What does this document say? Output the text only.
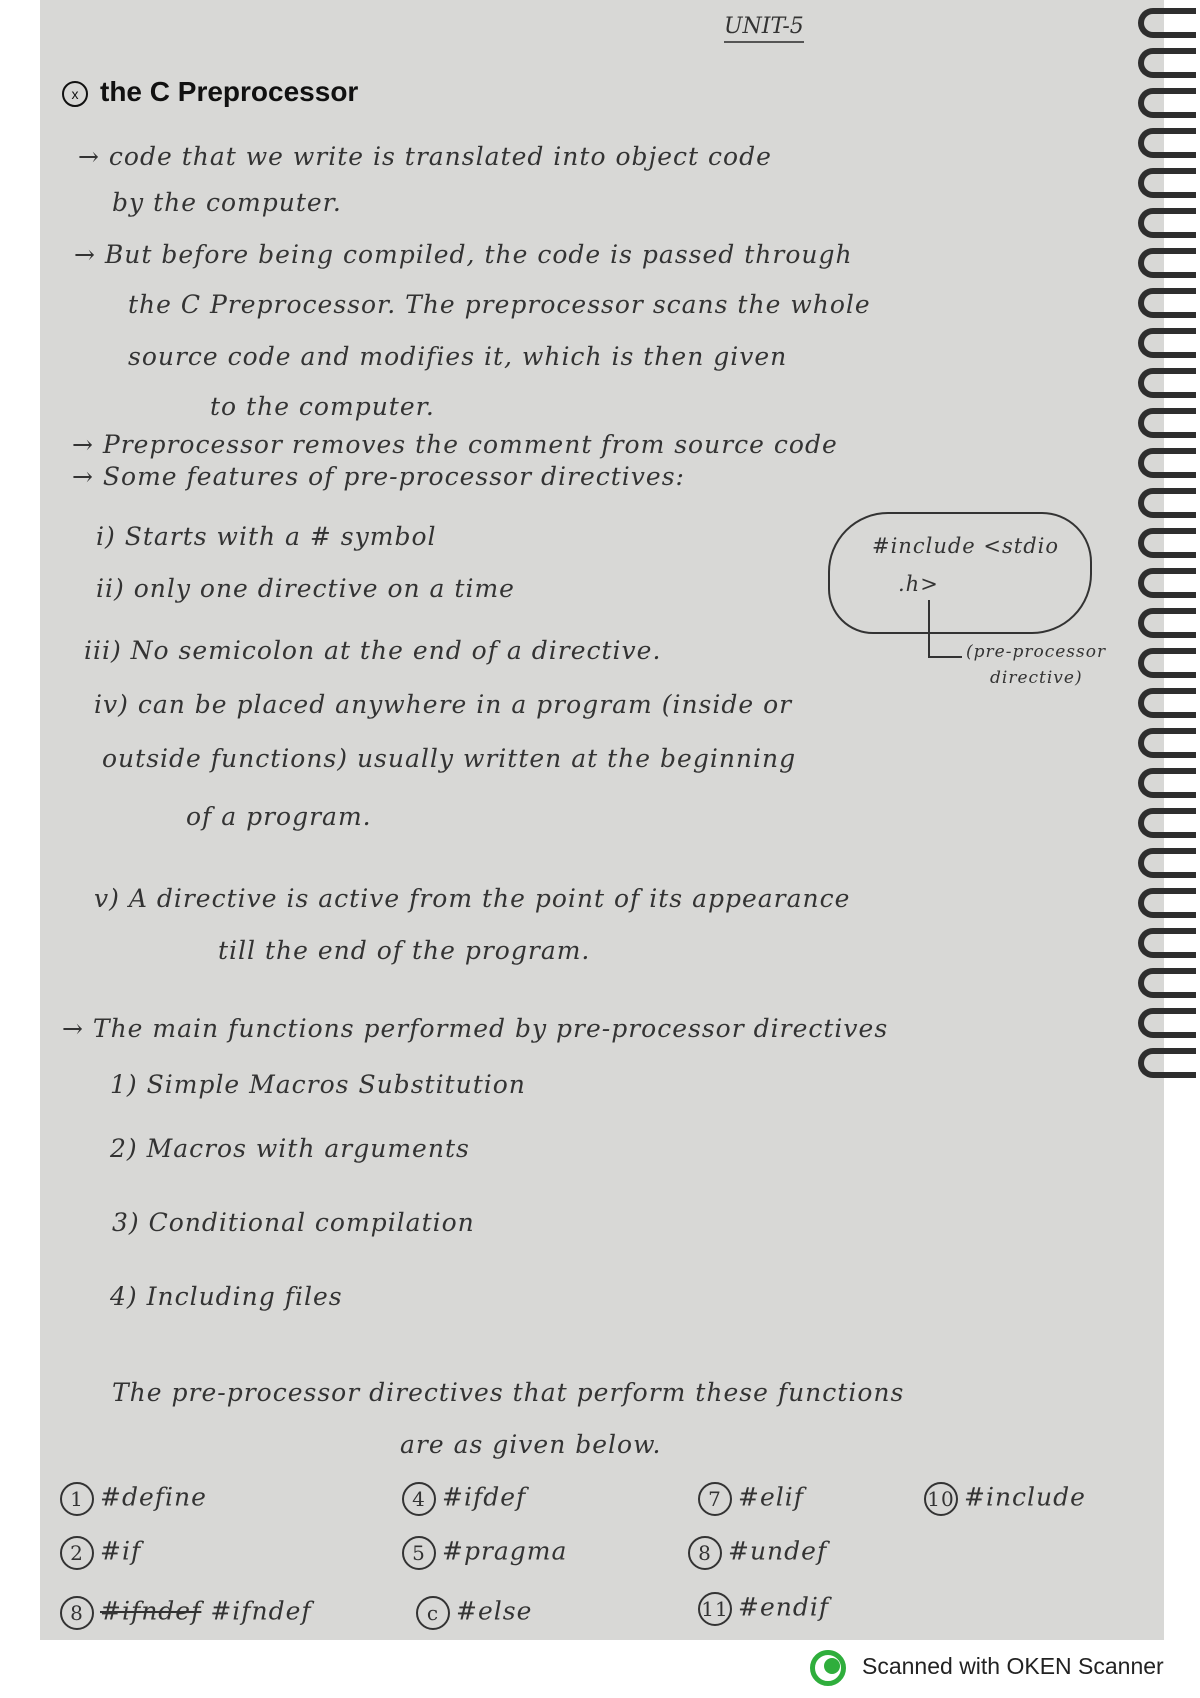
UNIT-5
x the C Preprocessor
→ code that we write is translated into object code
by the computer.
→ But before being compiled, the code is passed through
the C Preprocessor. The preprocessor scans the whole
source code and modifies it, which is then given
to the computer.
→ Preprocessor removes the comment from source code
→ Some features of pre-processor directives:
i) Starts with a # symbol
ii) only one directive on a time
iii) No semicolon at the end of a directive.
iv) can be placed anywhere in a program (inside or
outside functions) usually written at the beginning
of a program.
v) A directive is active from the point of its appearance
till the end of the program.
→ The main functions performed by pre-processor directives
1) Simple Macros Substitution
2) Macros with arguments
3) Conditional compilation
4) Including files
The pre-processor directives that perform these functions
are as given below.
#include <stdio
.h>
(pre-processor
directive)
1 #define
2 #if
8 #ifndef #ifndef
4 #ifdef
5 #pragma
c #else
7 #elif
8 #undef
11 #endif
10 #include
Scanned with OKEN Scanner
